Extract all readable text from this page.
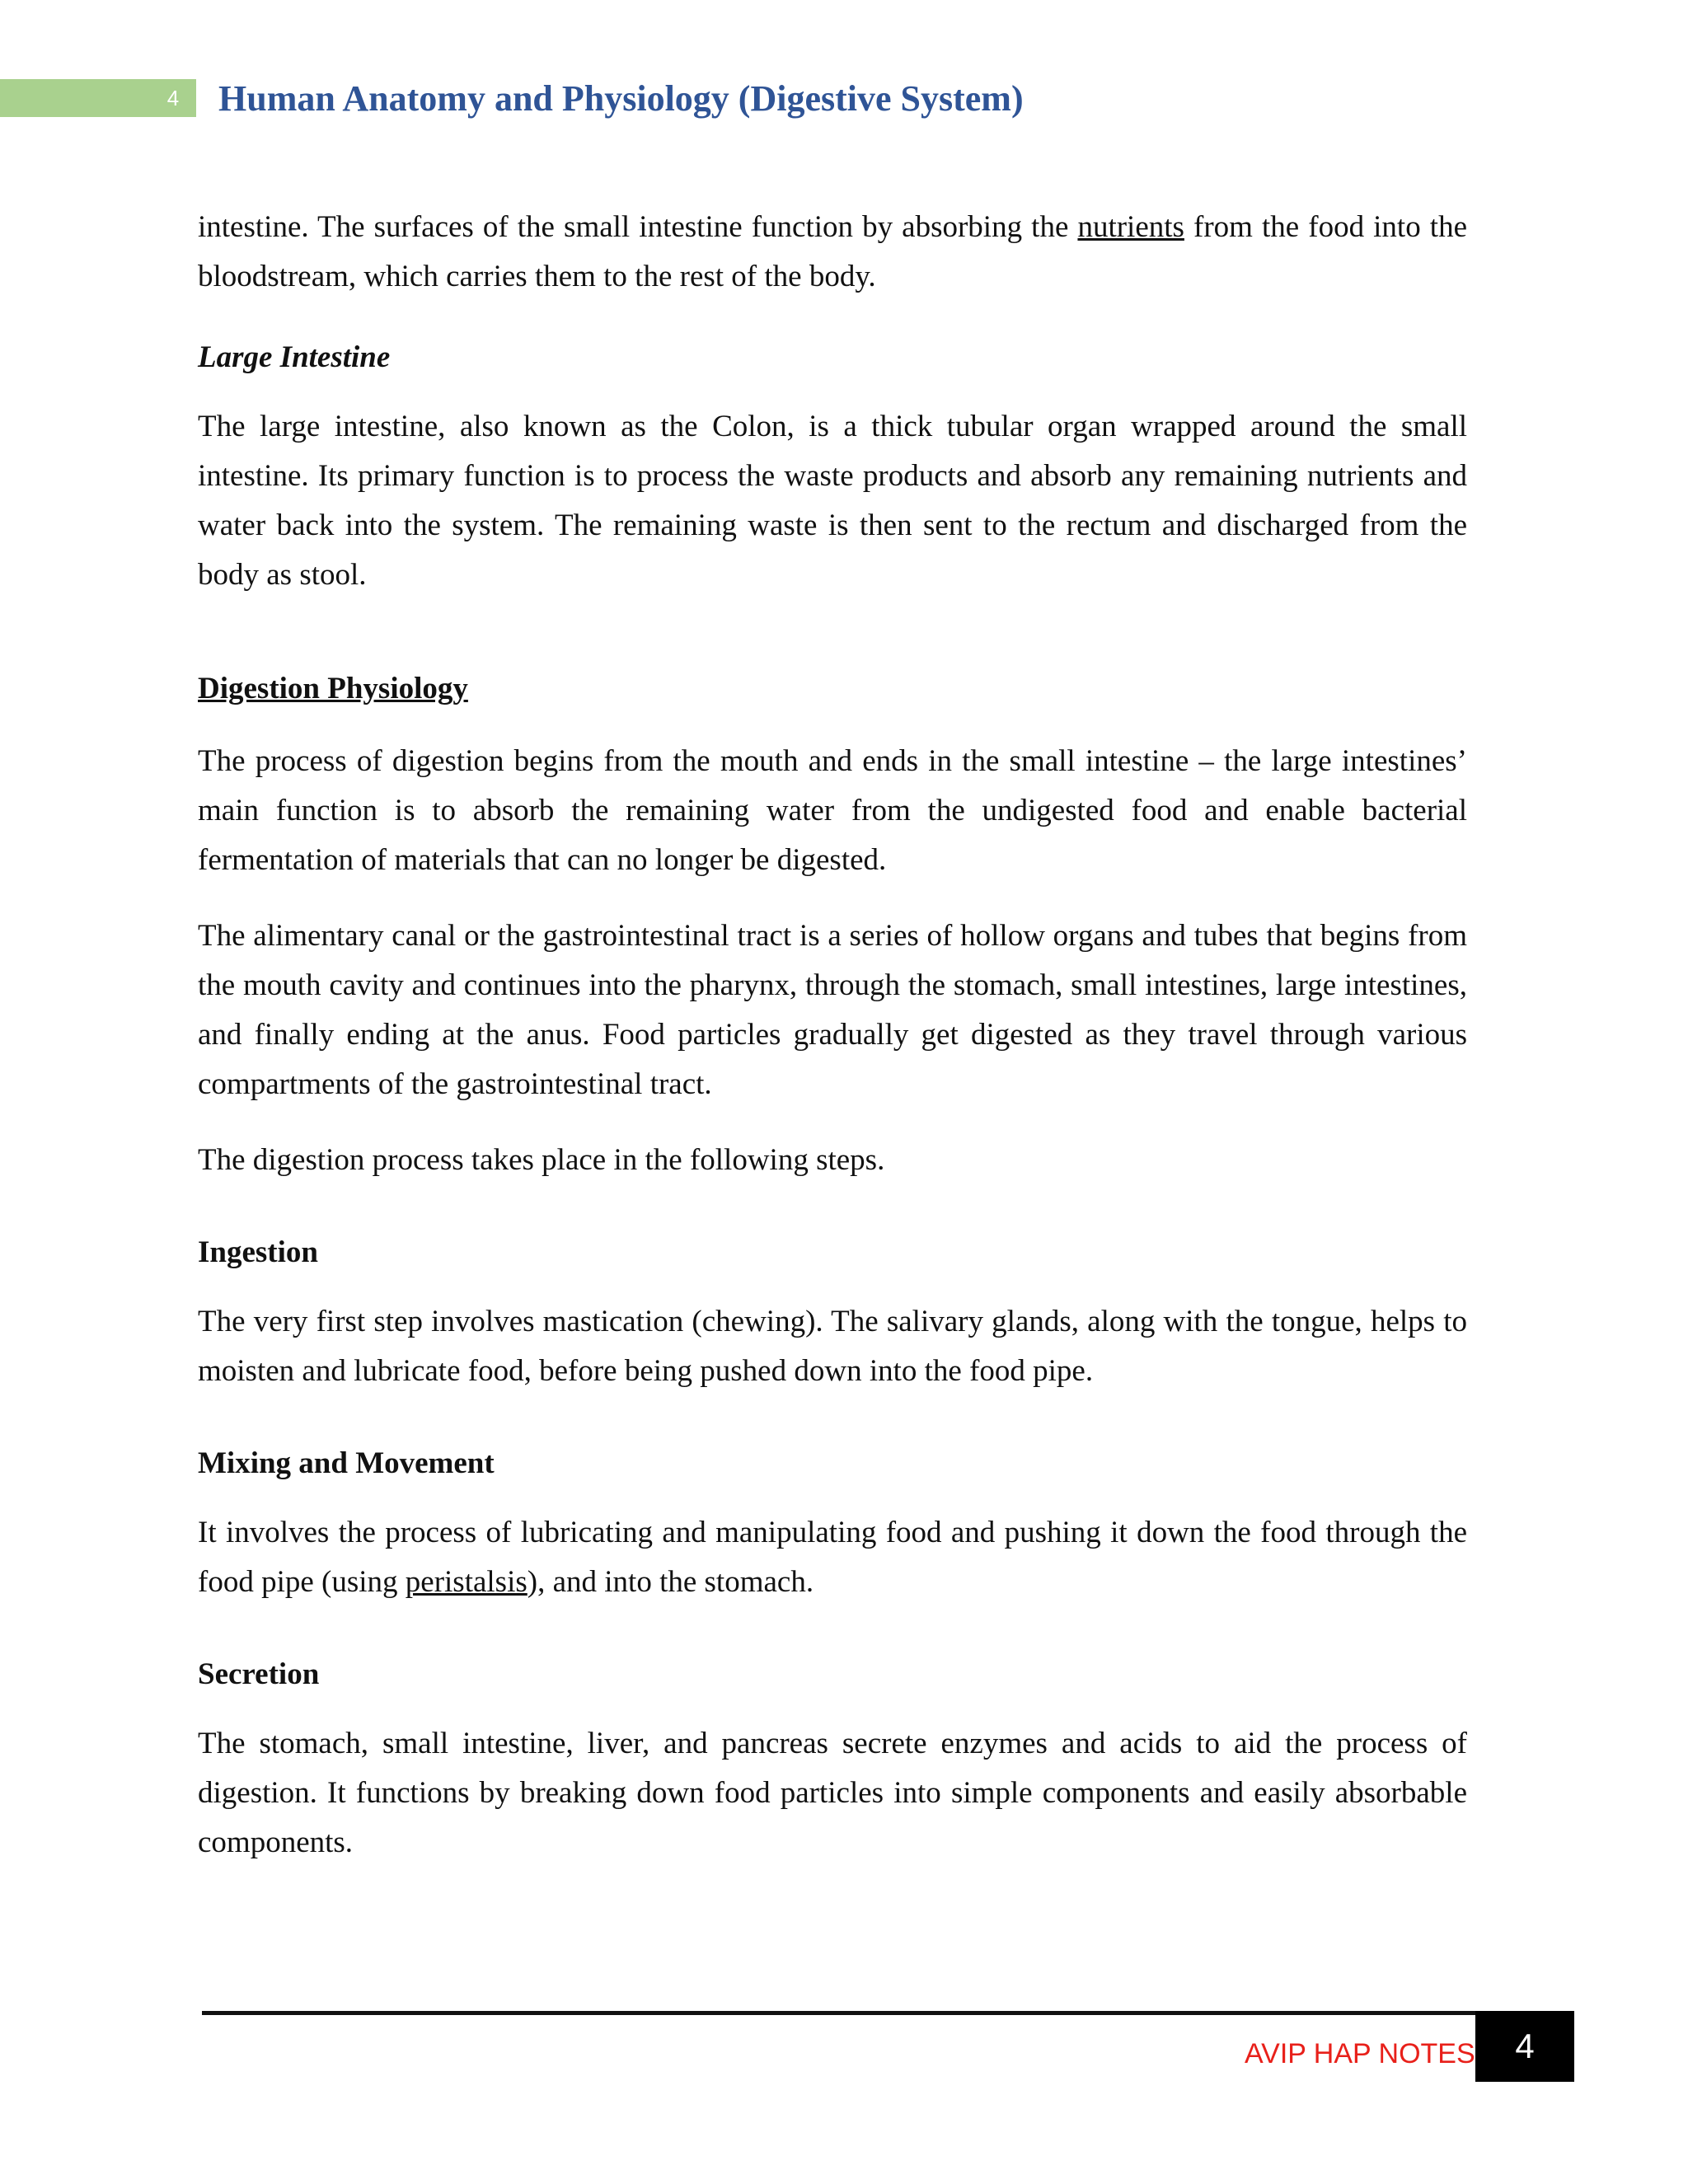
4 Human Anatomy and Physiology (Digestive System)

intestine. The surfaces of the small intestine function by absorbing the nutrients from the food into the bloodstream, which carries them to the rest of the body.

Large Intestine

The large intestine, also known as the Colon, is a thick tubular organ wrapped around the small intestine. Its primary function is to process the waste products and absorb any remaining nutrients and water back into the system. The remaining waste is then sent to the rectum and discharged from the body as stool.

Digestion Physiology

The process of digestion begins from the mouth and ends in the small intestine – the large intestines’ main function is to absorb the remaining water from the undigested food and enable bacterial fermentation of materials that can no longer be digested.

The alimentary canal or the gastrointestinal tract is a series of hollow organs and tubes that begins from the mouth cavity and continues into the pharynx, through the stomach, small intestines, large intestines, and finally ending at the anus. Food particles gradually get digested as they travel through various compartments of the gastrointestinal tract.

The digestion process takes place in the following steps.

Ingestion

The very first step involves mastication (chewing). The salivary glands, along with the tongue, helps to moisten and lubricate food, before being pushed down into the food pipe.

Mixing and Movement

It involves the process of lubricating and manipulating food and pushing it down the food through the food pipe (using peristalsis), and into the stomach.

Secretion

The stomach, small intestine, liver, and pancreas secrete enzymes and acids to aid the process of digestion. It functions by breaking down food particles into simple components and easily absorbable components.

AVIP HAP NOTES	4
